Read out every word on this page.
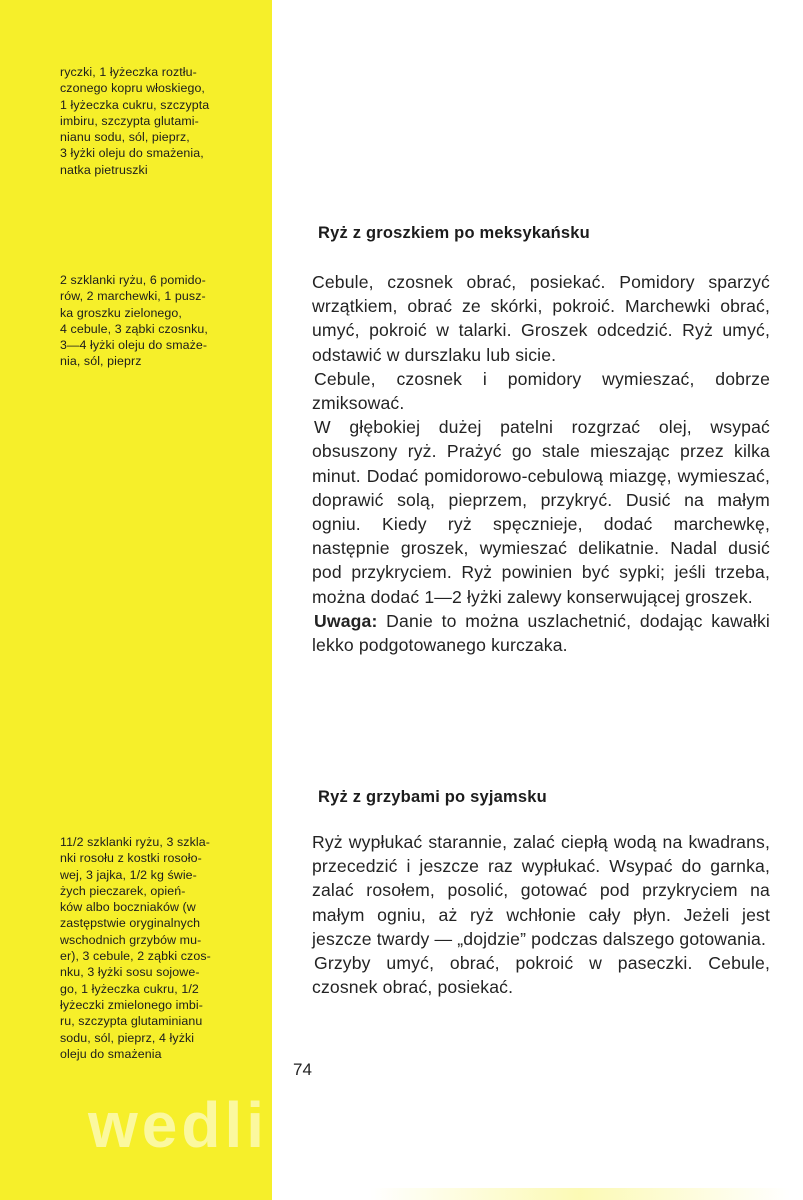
ryczki, 1 łyżeczka roztłu-
czonego kopru włoskiego,
1 łyżeczka cukru, szczypta
imbiru, szczypta glutami-
nianu sodu, sól, pieprz,
3 łyżki oleju do smażenia,
natka pietruszki
2 szklanki ryżu, 6 pomido-
rów, 2 marchewki, 1 pusz-
ka groszku zielonego,
4 cebule, 3 ząbki czosnku,
3—4 łyżki oleju do smaże-
nia, sól, pieprz
11/2 szklanki ryżu, 3 szkla-
nki rosołu z kostki rosoło-
wej, 3 jajka, 1/2 kg świe-
żych pieczarek, opień-
ków albo boczniaków (w
zastępstwie oryginalnych
wschodnich grzybów mu-
er), 3 cebule, 2 ząbki czos-
nku, 3 łyżki sosu sojowe-
go, 1 łyżeczka cukru, 1/2
łyżeczki zmielonego imbi-
ru, szczypta glutaminianu
sodu, sól, pieprz, 4 łyżki
oleju do smażenia
Ryż z groszkiem po meksykańsku

Cebule, czosnek obrać, posiekać. Pomidory sparzyć wrzątkiem, obrać ze skórki, pokroić. Marchewki obrać, umyć, pokroić w talarki. Groszek odcedzić. Ryż umyć, odstawić w durszlaku lub sicie.

Cebule, czosnek i pomidory wymieszać, dobrze zmiksować.

W głębokiej dużej patelni rozgrzać olej, wsypać obsuszony ryż. Prażyć go stale mieszając przez kilka minut. Dodać pomidorowo-cebulową miazgę, wymieszać, doprawić solą, pieprzem, przykryć. Dusić na małym ogniu. Kiedy ryż spęcznieje, dodać marchewkę, następnie groszek, wymieszać delikatnie. Nadal dusić pod przykryciem. Ryż powinien być sypki; jeśli trzeba, można dodać 1—2 łyżki zalewy konserwującej groszek.

Uwaga: Danie to można uszlachetnić, dodając kawałki lekko podgotowanego kurczaka.

Ryż z grzybami po syjamsku

Ryż wypłukać starannie, zalać ciepłą wodą na kwadrans, przecedzić i jeszcze raz wypłukać. Wsypać do garnka, zalać rosołem, posolić, gotować pod przykryciem na małym ogniu, aż ryż wchłonie cały płyn. Jeżeli jest jeszcze twardy — „dojdzie” podczas dalszego gotowania.

Grzyby umyć, obrać, pokroić w paseczki. Cebule, czosnek obrać, posiekać.

74
wedlinydomowe.pl
